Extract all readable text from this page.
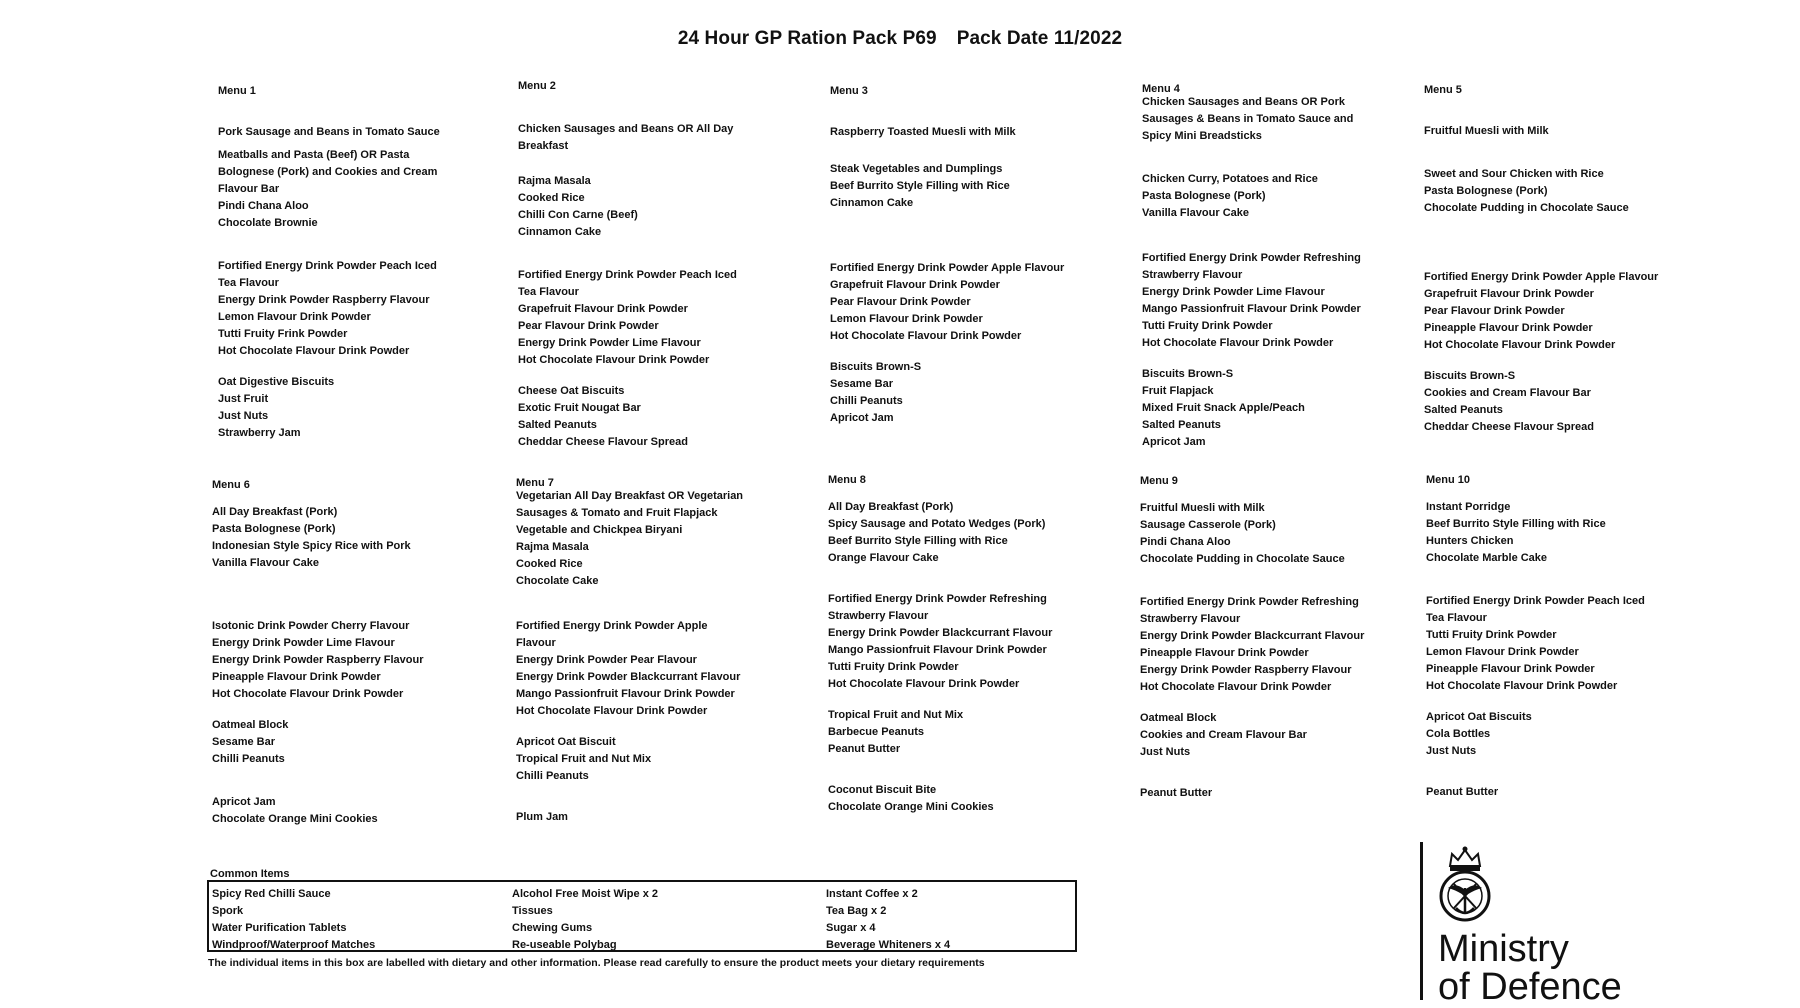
24 Hour GP Ration Pack P69 Pack Date 11/2022
Menu 1
Pork Sausage and Beans in Tomato Sauce
Meatballs and Pasta (Beef) OR Pasta Bolognese (Pork) and Cookies and Cream Flavour Bar
Pindi Chana Aloo
Chocolate Brownie
Fortified Energy Drink Powder Peach Iced Tea Flavour
Energy Drink Powder Raspberry Flavour
Lemon Flavour Drink Powder
Tutti Fruity Frink Powder
Hot Chocolate Flavour Drink Powder
Oat Digestive Biscuits
Just Fruit
Just Nuts
Strawberry Jam
Menu 2
Chicken Sausages and Beans OR All Day Breakfast
Rajma Masala
Cooked Rice
Chilli Con Carne (Beef)
Cinnamon Cake
Fortified Energy Drink Powder Peach Iced Tea Flavour
Grapefruit Flavour Drink Powder
Pear Flavour Drink Powder
Energy Drink Powder Lime Flavour
Hot Chocolate Flavour Drink Powder
Cheese Oat Biscuits
Exotic Fruit Nougat Bar
Salted Peanuts
Cheddar Cheese Flavour Spread
Menu 3
Raspberry Toasted Muesli with Milk
Steak Vegetables and Dumplings
Beef Burrito Style Filling with Rice
Cinnamon Cake
Fortified Energy Drink Powder Apple Flavour
Grapefruit Flavour Drink Powder
Pear Flavour Drink Powder
Lemon Flavour Drink Powder
Hot Chocolate Flavour Drink Powder
Biscuits Brown-S
Sesame Bar
Chilli Peanuts
Apricot Jam
Menu 4
Chicken Sausages and Beans OR Pork Sausages & Beans in Tomato Sauce and Spicy Mini Breadsticks
Chicken Curry, Potatoes and Rice
Pasta Bolognese (Pork)
Vanilla Flavour Cake
Fortified Energy Drink Powder Refreshing Strawberry Flavour
Energy Drink Powder Lime Flavour
Mango Passionfruit Flavour Drink Powder
Tutti Fruity Drink Powder
Hot Chocolate Flavour Drink Powder
Biscuits Brown-S
Fruit Flapjack
Mixed Fruit Snack Apple/Peach
Salted Peanuts
Apricot Jam
Menu 5
Fruitful Muesli with Milk
Sweet and Sour Chicken with Rice
Pasta Bolognese (Pork)
Chocolate Pudding in Chocolate Sauce
Fortified Energy Drink Powder Apple Flavour
Grapefruit Flavour Drink Powder
Pear Flavour Drink Powder
Pineapple Flavour Drink Powder
Hot Chocolate Flavour Drink Powder
Biscuits Brown-S
Cookies and Cream Flavour Bar
Salted Peanuts
Cheddar Cheese Flavour Spread
Menu 6
All Day Breakfast (Pork)
Pasta Bolognese (Pork)
Indonesian Style Spicy Rice with Pork
Vanilla Flavour Cake
Isotonic Drink Powder Cherry Flavour
Energy Drink Powder Lime Flavour
Energy Drink Powder Raspberry Flavour
Pineapple Flavour Drink Powder
Hot Chocolate Flavour Drink Powder
Oatmeal Block
Sesame Bar
Chilli Peanuts
Apricot Jam
Chocolate Orange Mini Cookies
Menu 7
Vegetarian All Day Breakfast OR Vegetarian Sausages & Tomato and Fruit Flapjack
Vegetable and Chickpea Biryani
Rajma Masala
Cooked Rice
Chocolate Cake
Fortified Energy Drink Powder Apple Flavour
Energy Drink Powder Pear Flavour
Energy Drink Powder Blackcurrant Flavour
Mango Passionfruit Flavour Drink Powder
Hot Chocolate Flavour Drink Powder
Apricot Oat Biscuit
Tropical Fruit and Nut Mix
Chilli Peanuts
Plum Jam
Menu 8
All Day Breakfast (Pork)
Spicy Sausage and Potato Wedges (Pork)
Beef Burrito Style Filling with Rice
Orange Flavour Cake
Fortified Energy Drink Powder Refreshing Strawberry Flavour
Energy Drink Powder Blackcurrant Flavour
Mango Passionfruit Flavour Drink Powder
Tutti Fruity Drink Powder
Hot Chocolate Flavour Drink Powder
Tropical Fruit and Nut Mix
Barbecue Peanuts
Peanut Butter
Coconut Biscuit Bite
Chocolate Orange Mini Cookies
Menu 9
Fruitful Muesli with Milk
Sausage Casserole (Pork)
Pindi Chana Aloo
Chocolate Pudding in Chocolate Sauce
Fortified Energy Drink Powder Refreshing Strawberry Flavour
Energy Drink Powder Blackcurrant Flavour
Pineapple Flavour Drink Powder
Energy Drink Powder Raspberry Flavour
Hot Chocolate Flavour Drink Powder
Oatmeal Block
Cookies and Cream Flavour Bar
Just Nuts
Peanut Butter
Menu 10
Instant Porridge
Beef Burrito Style Filling with Rice
Hunters Chicken
Chocolate Marble Cake
Fortified Energy Drink Powder Peach Iced Tea Flavour
Tutti Fruity Drink Powder
Lemon Flavour Drink Powder
Pineapple Flavour Drink Powder
Hot Chocolate Flavour Drink Powder
Apricot Oat Biscuits
Cola Bottles
Just Nuts
Peanut Butter
Common Items
Spicy Red Chilli Sauce
Spork
Water Purification Tablets
Windproof/Waterproof Matches
Alcohol Free Moist Wipe x 2
Tissues
Chewing Gums
Re-useable Polybag
Instant Coffee x 2
Tea Bag x 2
Sugar x 4
Beverage Whiteners x 4
The individual items in this box are labelled with dietary and other information. Please read carefully to ensure the product meets your dietary requirements	Ministry
of Defence
